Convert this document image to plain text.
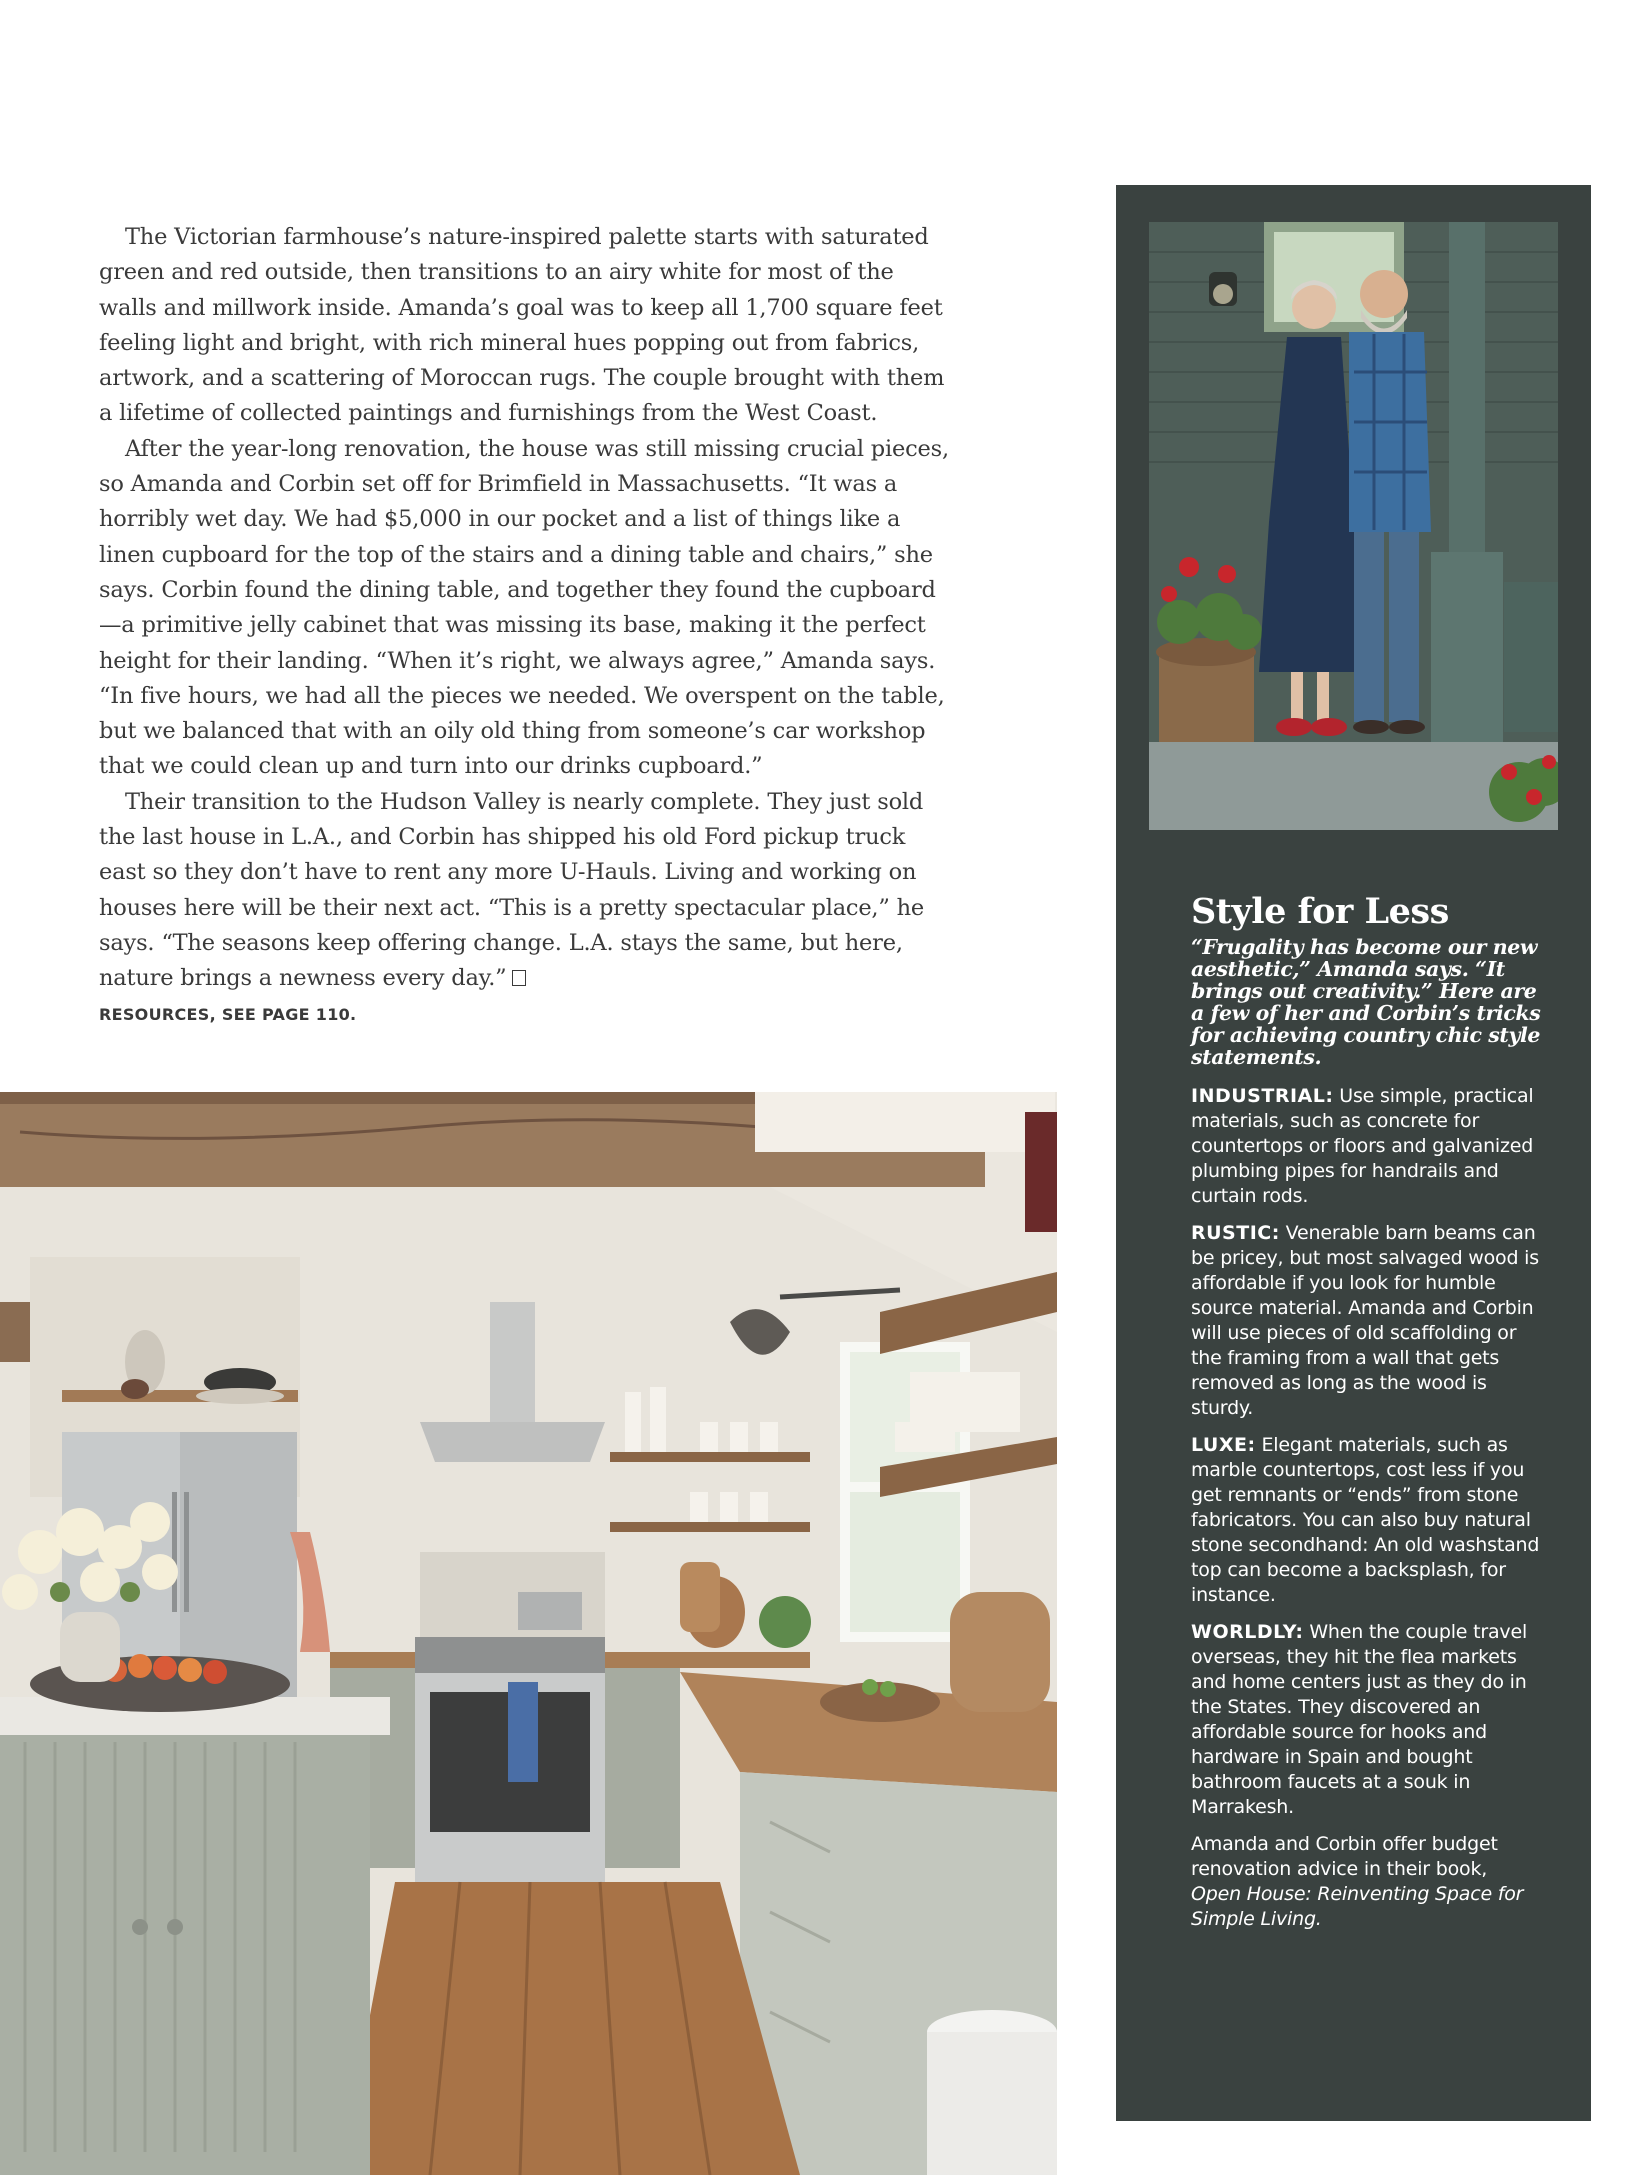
The Victorian farmhouse’s nature-inspired palette starts with saturated green and red outside, then transitions to an airy white for most of the walls and millwork inside. Amanda’s goal was to keep all 1,700 square feet feeling light and bright, with rich mineral hues popping out from fabrics, artwork, and a scattering of Moroccan rugs. The couple brought with them a lifetime of collected paintings and furnishings from the West Coast.

After the year-long renovation, the house was still missing crucial pieces, so Amanda and Corbin set off for Brimfield in Massachusetts. “It was a horribly wet day. We had $5,000 in our pocket and a list of things like a linen cupboard for the top of the stairs and a dining table and chairs,” she says. Corbin found the dining table, and together they found the cupboard—a primitive jelly cabinet that was missing its base, making it the perfect height for their landing. “When it’s right, we always agree,” Amanda says. “In five hours, we had all the pieces we needed. We overspent on the table, but we balanced that with an oily old thing from someone’s car workshop that we could clean up and turn into our drinks cupboard.”

Their transition to the Hudson Valley is nearly complete. They just sold the last house in L.A., and Corbin has shipped his old Ford pickup truck east so they don’t have to rent any more U-Hauls. Living and working on houses here will be their next act. “This is a pretty spectacular place,” he says. “The seasons keep offering change. L.A. stays the same, but here, nature brings a newness every day.”

RESOURCES, SEE PAGE 110.
Style for Less

“Frugality has become our new aesthetic,” Amanda says. “It brings out creativity.” Here are a few of her and Corbin’s tricks for achieving country chic style statements.

INDUSTRIAL: Use simple, practical materials, such as concrete for countertops or floors and galvanized plumbing pipes for handrails and curtain rods.

RUSTIC: Venerable barn beams can be pricey, but most salvaged wood is affordable if you look for humble source material. Amanda and Corbin will use pieces of old scaffolding or the framing from a wall that gets removed as long as the wood is sturdy.

LUXE: Elegant materials, such as marble countertops, cost less if you get remnants or “ends” from stone fabricators. You can also buy natural stone secondhand: An old washstand top can become a backsplash, for instance.

WORLDLY: When the couple travel overseas, they hit the flea markets and home centers just as they do in the States. They discovered an affordable source for hooks and hardware in Spain and bought bathroom faucets at a souk in Marrakesh.

Amanda and Corbin offer budget renovation advice in their book, Open House: Reinventing Space for Simple Living.
